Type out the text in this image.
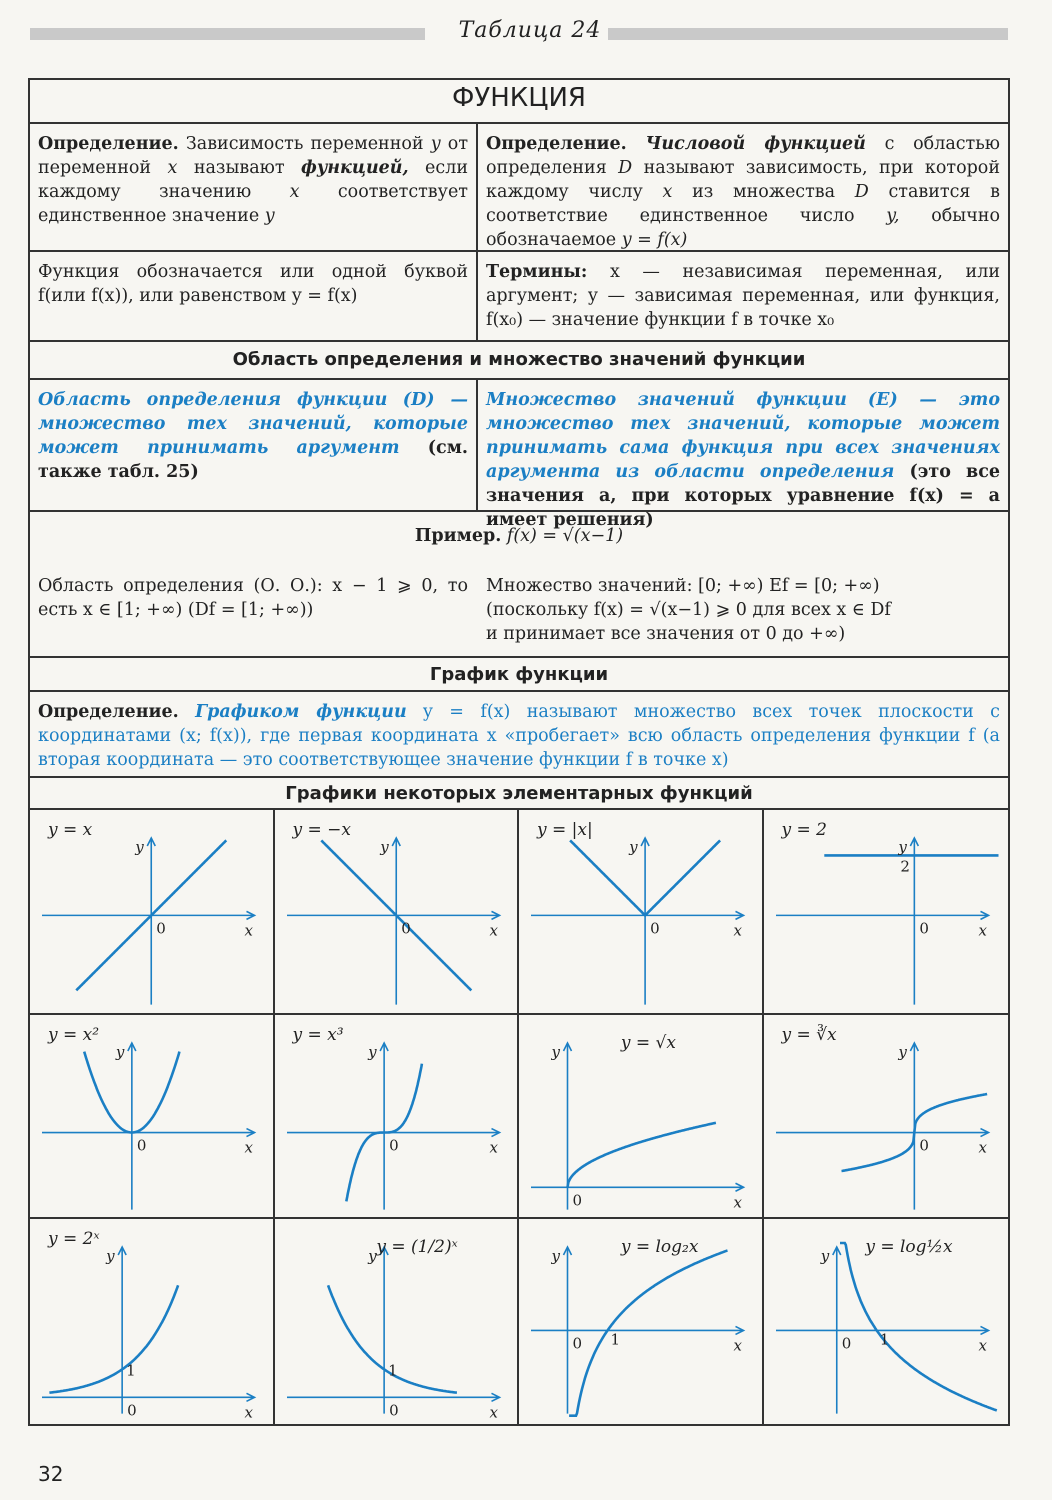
Таблица 24
ФУНКЦИЯ
Определение. Зависимость переменной y от переменной x называют функцией, если каждому значению x соответствует единственное значение y
Определение. Числовой функцией с областью определения D называют зависимость, при которой каждому числу x из множества D ставится в соответствие единственное число y, обычно обозначаемое y = f(x)
Функция обозначается или одной буквой f(или f(x)), или равенством y = f(x)
Термины: x — независимая переменная, или аргумент; y — зависимая переменная, или функция, f(x₀) — значение функции f в точке x₀
Область определения и множество значений функции
Область определения функции (D) — множество тех значений, которые может принимать аргумент (см. также табл. 25)
Множество значений функции (E) — это множество тех значений, которые может принимать сама функция при всех значениях аргумента из области определения (это все значения a, при которых уравнение f(x) = a имеет решения)
Пример. f(x) = √(x−1)
Область определения (О. О.): x − 1 ⩾ 0, то есть x ∈ [1; +∞) (Df = [1; +∞))
Множество значений: [0; +∞) Ef = [0; +∞)
(поскольку f(x) = √(x−1) ⩾ 0 для всех x ∈ Df
и принимает все значения от 0 до +∞)
График функции
Определение. Графиком функции y = f(x) называют множество всех точек плоскости с координатами (x; f(x)), где первая координата x «пробегает» всю область определения функции f (а вторая координата — это соответствующее значение функции f в точке x)
Графики некоторых элементарных функций
x
y
0
y = x
x
y
0
y = −x
x
y
0
y = |x|
x
y
0
2
y = 2
x
y
0
y = x²
x
y
0
y = x³
x
y
0
y = √x
x
y
0
y = ∛x
x
y
0
1
y = 2ˣ
x
y
0
1
y = (1/2)ˣ
x
y
0 1
y = log₂x
x
y
0 1
y = log½x
32
